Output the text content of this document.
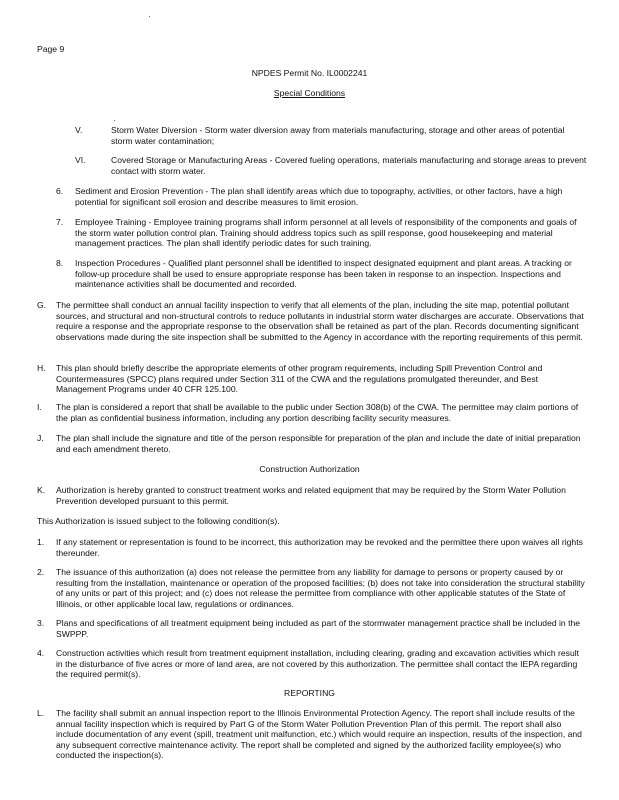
·
·
Page 9
NPDES Permit No. IL0002241
Special Conditions
V.	Storm Water Diversion - Storm water diversion away from materials manufacturing, storage and other areas of potential storm water contamination;
VI.	Covered Storage or Manufacturing Areas - Covered fueling operations, materials manufacturing and storage areas to prevent contact with storm water.
6. Sediment and Erosion Prevention - The plan shall identify areas which due to topography, activities, or other factors, have a high potential for significant soil erosion and describe measures to limit erosion.
7. Employee Training - Employee training programs shall inform personnel at all levels of responsibility of the components and goals of the storm water pollution control plan. Training should address topics such as spill response, good housekeeping and material management practices. The plan shall identify periodic dates for such training.
8. Inspection Procedures - Qualified plant personnel shall be identified to inspect designated equipment and plant areas. A tracking or follow-up procedure shall be used to ensure appropriate response has been taken in response to an inspection. Inspections and maintenance activities shall be documented and recorded.
G. The permittee shall conduct an annual facility inspection to verify that all elements of the plan, including the site map, potential pollutant sources, and structural and non-structural controls to reduce pollutants in industrial storm water discharges are accurate. Observations that require a response and the appropriate response to the observation shall be retained as part of the plan. Records documenting significant observations made during the site inspection shall be submitted to the Agency in accordance with the reporting requirements of this permit.
H. This plan should briefly describe the appropriate elements of other program requirements, including Spill Prevention Control and Countermeasures (SPCC) plans required under Section 311 of the CWA and the regulations promulgated thereunder, and Best Management Programs under 40 CFR 125.100.
I. The plan is considered a report that shall be available to the public under Section 308(b) of the CWA. The permittee may claim portions of the plan as confidential business information, including any portion describing facility security measures.
J. The plan shall include the signature and title of the person responsible for preparation of the plan and include the date of initial preparation and each amendment thereto.
Construction Authorization
K. Authorization is hereby granted to construct treatment works and related equipment that may be required by the Storm Water Pollution Prevention developed pursuant to this permit.
This Authorization is issued subject to the following condition(s).
1. If any statement or representation is found to be incorrect, this authorization may be revoked and the permittee there upon waives all rights thereunder.
2. The issuance of this authorization (a) does not release the permittee from any liability for damage to persons or property caused by or resulting from the installation, maintenance or operation of the proposed facilities; (b) does not take into consideration the structural stability of any units or part of this project; and (c) does not release the permittee from compliance with other applicable statutes of the State of Illinois, or other applicable local law, regulations or ordinances.
3. Plans and specifications of all treatment equipment being included as part of the stormwater management practice shall be included in the SWPPP.
4. Construction activities which result from treatment equipment installation, including clearing, grading and excavation activities which result in the disturbance of five acres or more of land area, are not covered by this authorization. The permittee shall contact the IEPA regarding the required permit(s).
REPORTING
L. The facility shall submit an annual inspection report to the Illinois Environmental Protection Agency. The report shall include results of the annual facility inspection which is required by Part G of the Storm Water Pollution Prevention Plan of this permit. The report shall also include documentation of any event (spill, treatment unit malfunction, etc.) which would require an inspection, results of the inspection, and any subsequent corrective maintenance activity. The report shall be completed and signed by the authorized facility employee(s) who conducted the inspection(s).
